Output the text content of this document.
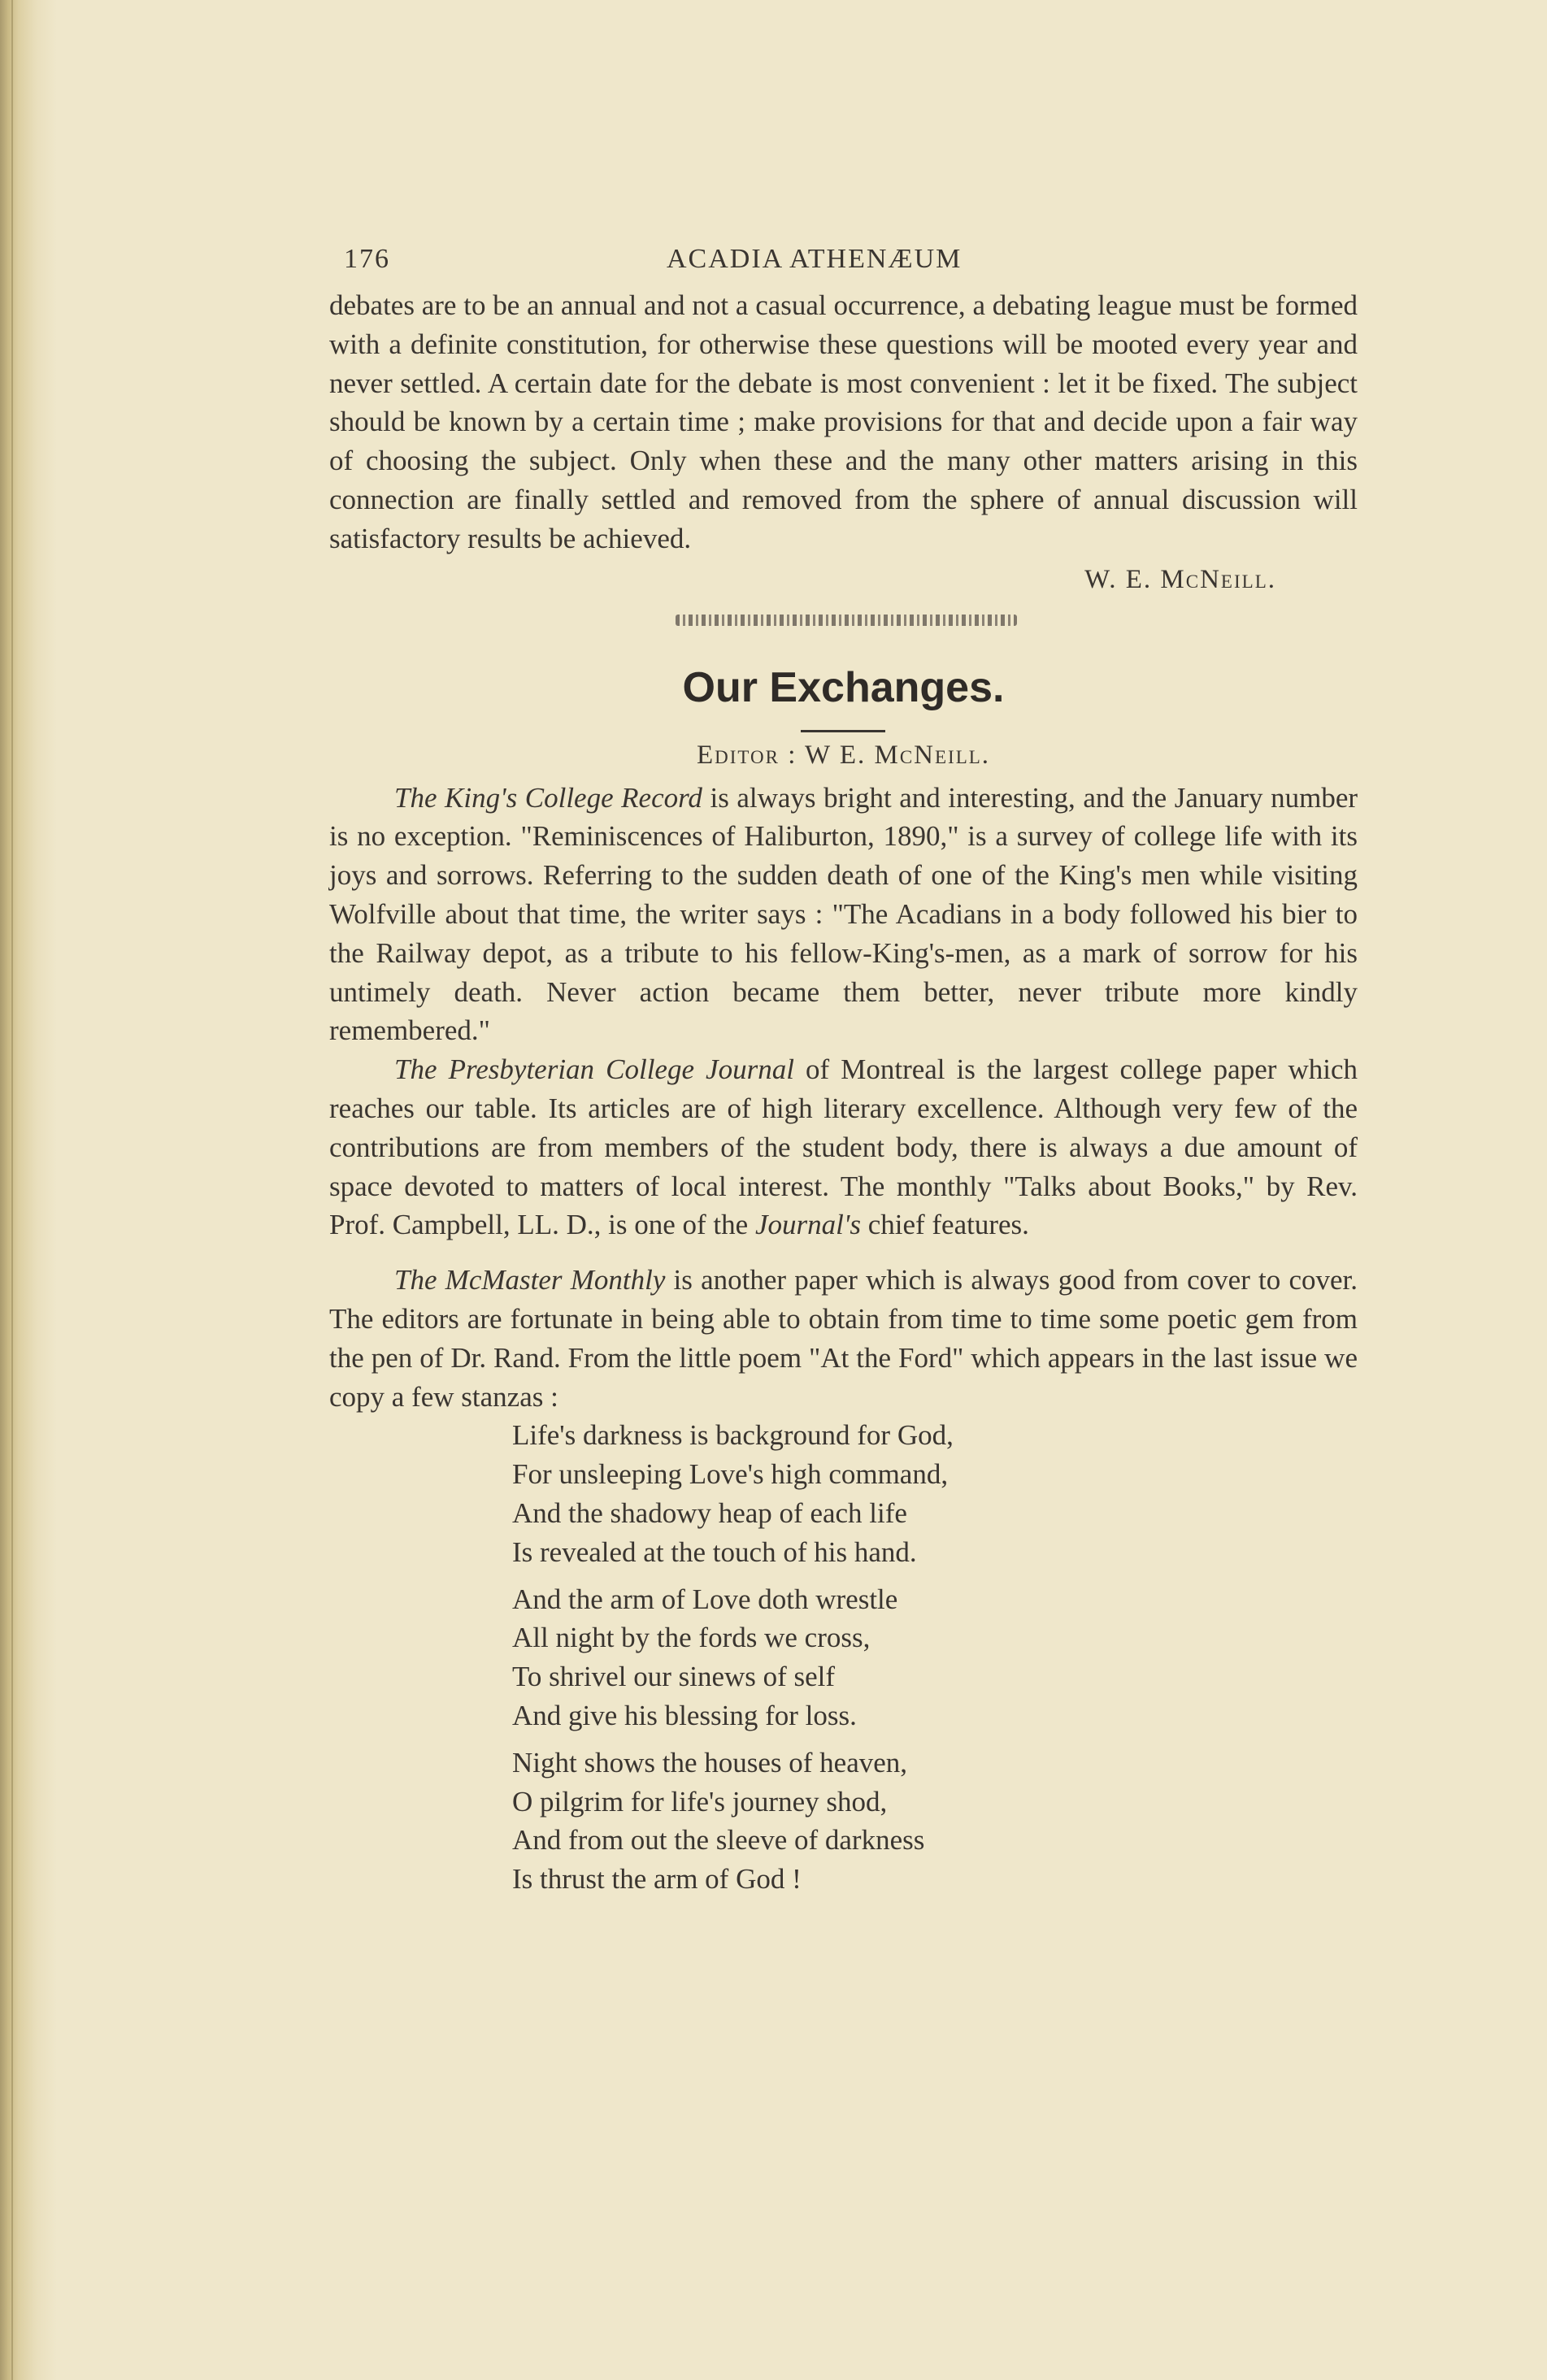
176	ACADIA ATHENÆUM

debates are to be an annual and not a casual occurrence, a debating league must be formed with a definite constitution, for otherwise these questions will be mooted every year and never settled. A certain date for the debate is most convenient : let it be fixed. The subject should be known by a certain time ; make provisions for that and decide upon a fair way of choosing the subject. Only when these and the many other matters arising in this connection are finally settled and removed from the sphere of annual discussion will satisfactory results be achieved.

W. E. McNeill.
Our Exchanges.
Editor : W E. McNeill.

The King's College Record is always bright and interesting, and the January number is no exception. "Reminiscences of Haliburton, 1890," is a survey of college life with its joys and sorrows. Referring to the sudden death of one of the King's men while visiting Wolfville about that time, the writer says : "The Acadians in a body followed his bier to the Railway depot, as a tribute to his fellow-King's-men, as a mark of sorrow for his untimely death. Never action became them better, never tribute more kindly remembered."

The Presbyterian College Journal of Montreal is the largest college paper which reaches our table. Its articles are of high literary excellence. Although very few of the contributions are from members of the student body, there is always a due amount of space devoted to matters of local interest. The monthly "Talks about Books," by Rev. Prof. Campbell, LL. D., is one of the Journal's chief features.

The McMaster Monthly is another paper which is always good from cover to cover. The editors are fortunate in being able to obtain from time to time some poetic gem from the pen of Dr. Rand. From the little poem "At the Ford" which appears in the last issue we copy a few stanzas :

Life's darkness is background for God,
For unsleeping Love's high command,
And the shadowy heap of each life
Is revealed at the touch of his hand.
And the arm of Love doth wrestle
All night by the fords we cross,
To shrivel our sinews of self
And give his blessing for loss.
Night shows the houses of heaven,
O pilgrim for life's journey shod,
And from out the sleeve of darkness
Is thrust the arm of God !
